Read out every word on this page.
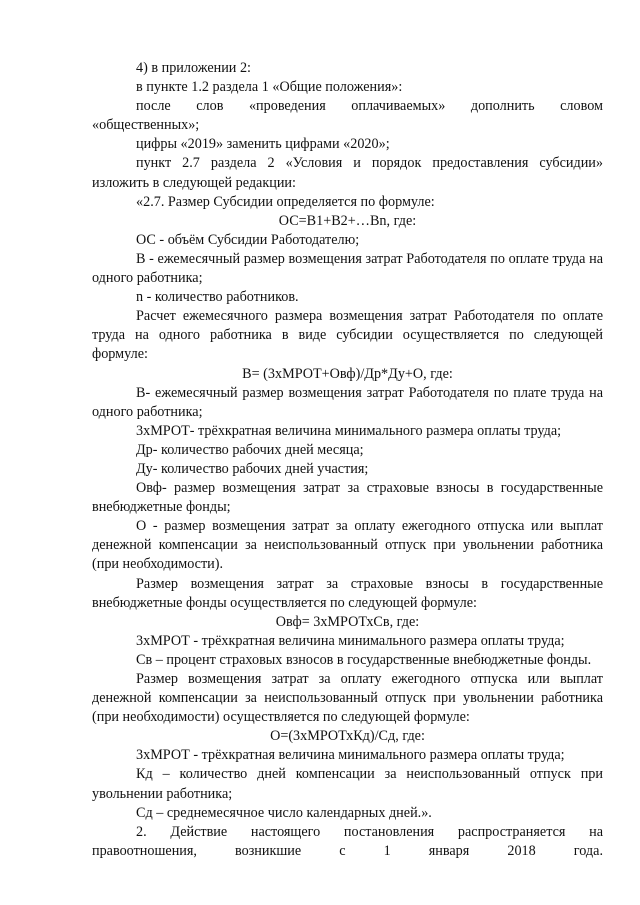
4) в приложении 2:

в пункте 1.2 раздела 1 «Общие положения»:

после слов «проведения оплачиваемых» дополнить словом «общественных»;

цифры «2019» заменить цифрами «2020»;

пункт 2.7 раздела 2 «Условия и порядок предоставления субсидии» изложить в следующей редакции:

«2.7. Размер Субсидии определяется по формуле:

ОС=В1+В2+…Вn, где:

ОС - объём Субсидии Работодателю;

В - ежемесячный размер возмещения затрат Работодателя по оплате труда на одного работника;

n - количество работников.

Расчет ежемесячного размера возмещения затрат Работодателя по оплате труда на одного работника в виде субсидии осуществляется по следующей формуле:

В= (3хМРОТ+Овф)/Др*Ду+О, где:

В- ежемесячный размер возмещения затрат Работодателя по плате труда на одного работника;

3хМРОТ- трёхкратная величина минимального размера оплаты труда;

Др- количество рабочих дней месяца;

Ду- количество рабочих дней участия;

Овф- размер возмещения затрат за страховые взносы в государственные внебюджетные фонды;

О - размер возмещения затрат за оплату ежегодного отпуска или выплат денежной компенсации за неиспользованный отпуск при увольнении работника (при необходимости).

Размер возмещения затрат за страховые взносы в государственные внебюджетные фонды осуществляется по следующей формуле:

Овф= 3хМРОТхСв, где:

3хМРОТ - трёхкратная величина минимального размера оплаты труда;

Св – процент страховых взносов в государственные внебюджетные фонды.

Размер возмещения затрат за оплату ежегодного отпуска или выплат денежной компенсации за неиспользованный отпуск при увольнении работника (при необходимости) осуществляется по следующей формуле:

О=(3хМРОТхКд)/Сд, где:

3хМРОТ - трёхкратная величина минимального размера оплаты труда;

Кд – количество дней компенсации за неиспользованный отпуск при увольнении работника;

Сд – среднемесячное число календарных дней.».

2. Действие настоящего постановления распространяется на правоотношения, возникшие с 1 января 2018 года.
